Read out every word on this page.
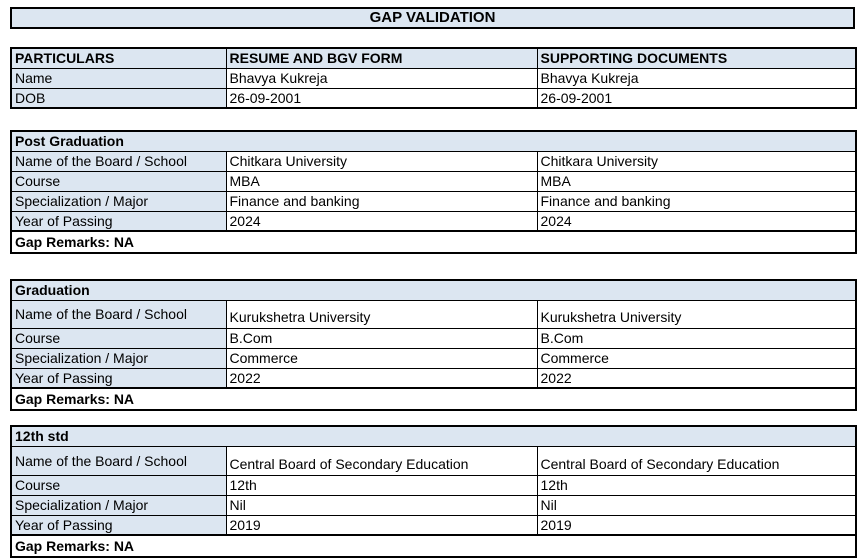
GAP VALIDATION
PARTICULARS	RESUME AND BGV FORM	SUPPORTING DOCUMENTS
Name	Bhavya Kukreja	Bhavya Kukreja
DOB	26-09-2001	26-09-2001
Post Graduation		
Name of the Board / School	Chitkara University	Chitkara University
Course	MBA	MBA
Specialization / Major	Finance and banking	Finance and banking
Year of Passing	2024	2024
Gap Remarks: NA		
Graduation		
Name of the Board / School	Kurukshetra University	Kurukshetra University
Course	B.Com	B.Com
Specialization / Major	Commerce	Commerce
Year of Passing	2022	2022
Gap Remarks: NA		
12th std		
Name of the Board / School	Central Board of Secondary Education	Central Board of Secondary Education
Course	12th	12th
Specialization / Major	Nil	Nil
Year of Passing	2019	2019
Gap Remarks: NA		
